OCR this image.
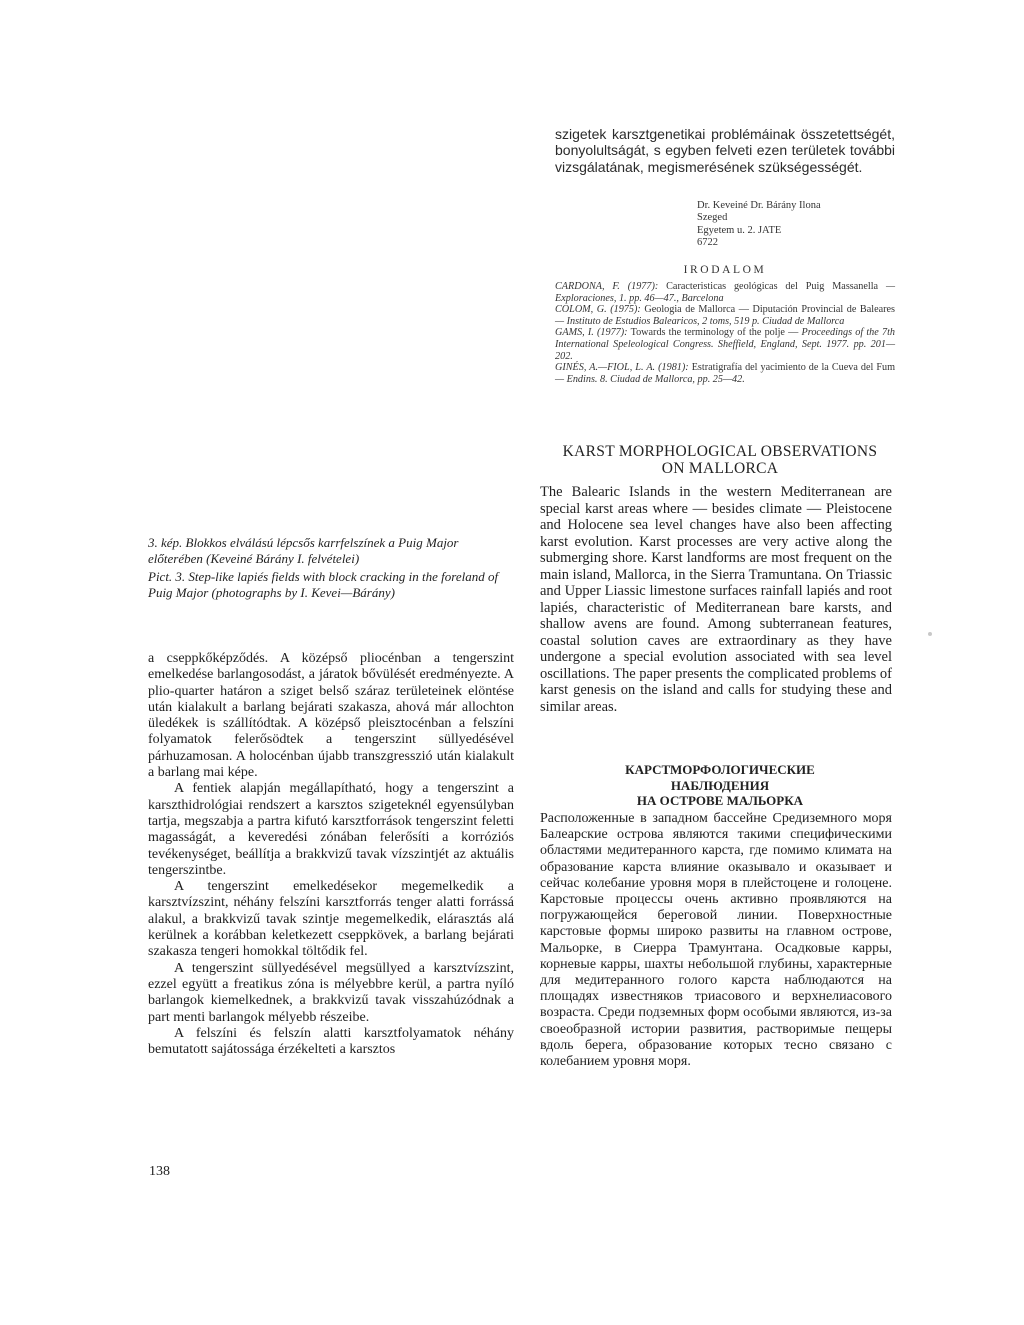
szigetek karsztgenetikai problémáinak összetettségét, bonyolultságát, s egyben felveti ezen területek további vizsgálatának, megismerésének szükségességét.

Dr. Keveiné Dr. Bárány Ilona
Szeged
Egyetem u. 2. JATE
6722
IRODALOM
CARDONA, F. (1977): Caracteristicas geológicas del Puig Massanella — Exploraciones, 1. pp. 46—47., Barcelona
COLOM, G. (1975): Geologia de Mallorca — Diputación Provincial de Baleares — Instituto de Estudios Balearicos, 2 toms, 519 p. Ciudad de Mallorca
GAMS, I. (1977): Towards the terminology of the polje — Proceedings of the 7th International Speleological Congress. Sheffield, England, Sept. 1977. pp. 201—202.
GINÉS, A.—FIOL, L. A. (1981): Estratigrafía del yacimiento de la Cueva del Fum — Endins. 8. Ciudad de Mallorca, pp. 25—42.
KARST MORPHOLOGICAL OBSERVATIONS
ON MALLORCA

The Balearic Islands in the western Mediterranean are special karst areas where — besides climate — Pleistocene and Holocene sea level changes have also been affecting karst evolution. Karst processes are very active along the submerging shore. Karst landforms are most frequent on the main island, Mallorca, in the Sierra Tramuntana. On Triassic and Upper Liassic limestone surfaces rainfall lapiés and root lapiés, characteristic of Mediterranean bare karsts, and shallow avens are found. Among subterranean features, coastal solution caves are extraordinary as they have undergone a special evolution associated with sea level oscillations. The paper presents the complicated problems of karst genesis on the island and calls for studying these and similar areas.

КАРСТМОРФОЛОГИЧЕСКИЕ
НАБЛЮДЕНИЯ
НА ОСТРОВЕ МАЛЬОРКА

Расположенные в западном бассейне Средиземного моря Балеарские острова являются такими специфическими областями медитеранного карста, где помимо климата на образование карста влияние оказывало и оказывает и сейчас колебание уровня моря в плейстоцене и голоцене. Карстовые процессы очень активно проявляются на погружающейся береговой линии. Поверхностные карстовые формы широко развиты на главном острове, Мальорке, в Сиерра Трамунтана. Осадковые карры, корневые карры, шахты небольшой глубины, характерные для медитеранного голого карста наблюдаются на площадях известняков триасового и верхнелиасового возраста. Среди подземных форм особыми являются, из-за своеобразной истории развития, растворимые пещеры вдоль берега, образование которых тесно связано с колебанием уровня моря.

3. kép. Blokkos elválású lépcsős karrfelszínek a Puig Major előterében (Keveiné Bárány I. felvételei)

Pict. 3. Step-like lapiés fields with block cracking in the foreland of Puig Major (photographs by I. Kevei—Bárány)

a cseppkőképződés. A középső pliocénban a tengerszint emelkedése barlangosodást, a járatok bővülését eredményezte. A plio-quarter határon a sziget belső száraz területeinek elöntése után kialakult a barlang bejárati szakasza, ahová már allochton üledékek is szállítódtak. A középső pleisztocénban a felszíni folyamatok felerősödtek a tengerszint süllyedésével párhuzamosan. A holocénban újabb transzgresszió után kialakult a barlang mai képe.

A fentiek alapján megállapítható, hogy a tengerszint a karszthidrológiai rendszert a karsztos szigeteknél egyensúlyban tartja, megszabja a partra kifutó karsztforrások tengerszint feletti magasságát, a keveredési zónában felerősíti a korróziós tevékenységet, beállítja a brakkvizű tavak vízszintjét az aktuális tengerszintbe.

A tengerszint emelkedésekor megemelkedik a karsztvízszint, néhány felszíni karsztforrás tenger alatti forrássá alakul, a brakkvizű tavak szintje megemelkedik, elárasztás alá kerülnek a korábban keletkezett cseppkövek, a barlang bejárati szakasza tengeri homokkal töltődik fel.

A tengerszint süllyedésével megsüllyed a karsztvízszint, ezzel együtt a freatikus zóna is mélyebbre kerül, a partra nyíló barlangok kiemelkednek, a brakkvizű tavak visszahúzódnak a part menti barlangok mélyebb részeibe.

A felszíni és felszín alatti karsztfolyamatok néhány bemutatott sajátossága érzékelteti a karsztos

138
